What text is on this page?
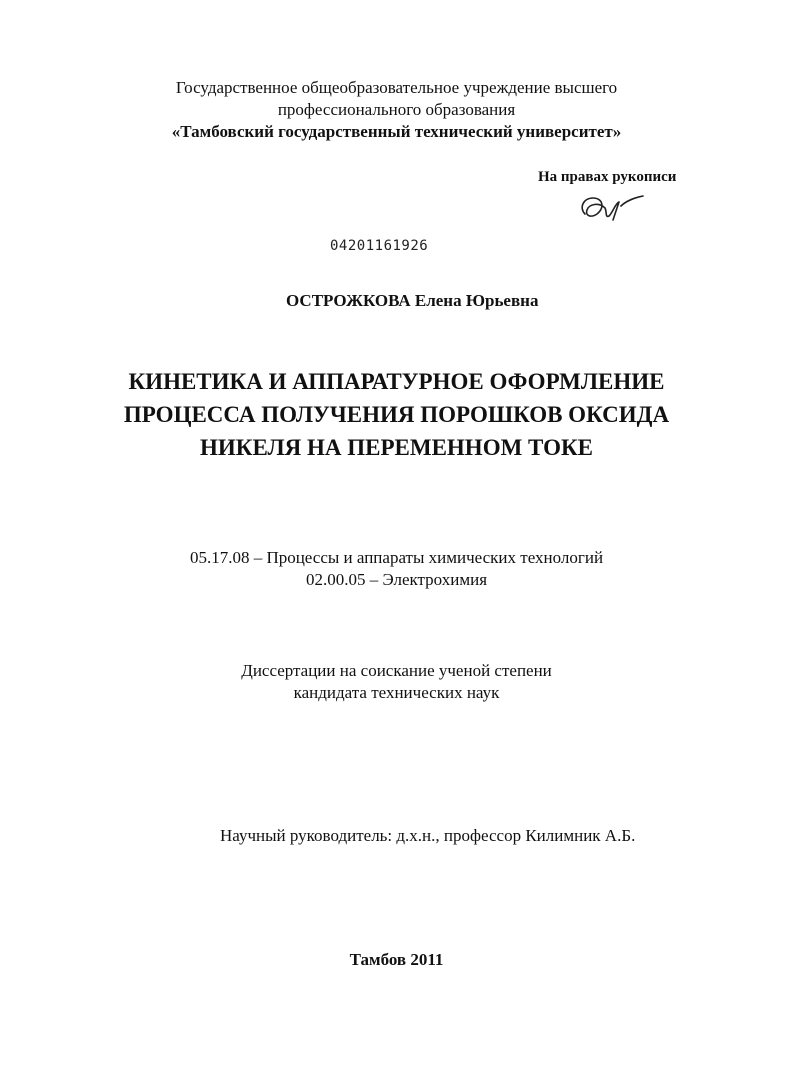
Государственное общеобразовательное учреждение высшего
профессионального образования
«Тамбовский государственный технический университет»
На правах рукописи
04201161926
ОСТРОЖКОВА Елена Юрьевна
КИНЕТИКА И АППАРАТУРНОЕ ОФОРМЛЕНИЕ
ПРОЦЕССА ПОЛУЧЕНИЯ ПОРОШКОВ ОКСИДА
НИКЕЛЯ НА ПЕРЕМЕННОМ ТОКЕ
05.17.08 – Процессы и аппараты химических технологий
02.00.05 – Электрохимия
Диссертации на соискание ученой степени
кандидата технических наук
Научный руководитель: д.х.н., профессор Килимник А.Б.
Тамбов 2011
